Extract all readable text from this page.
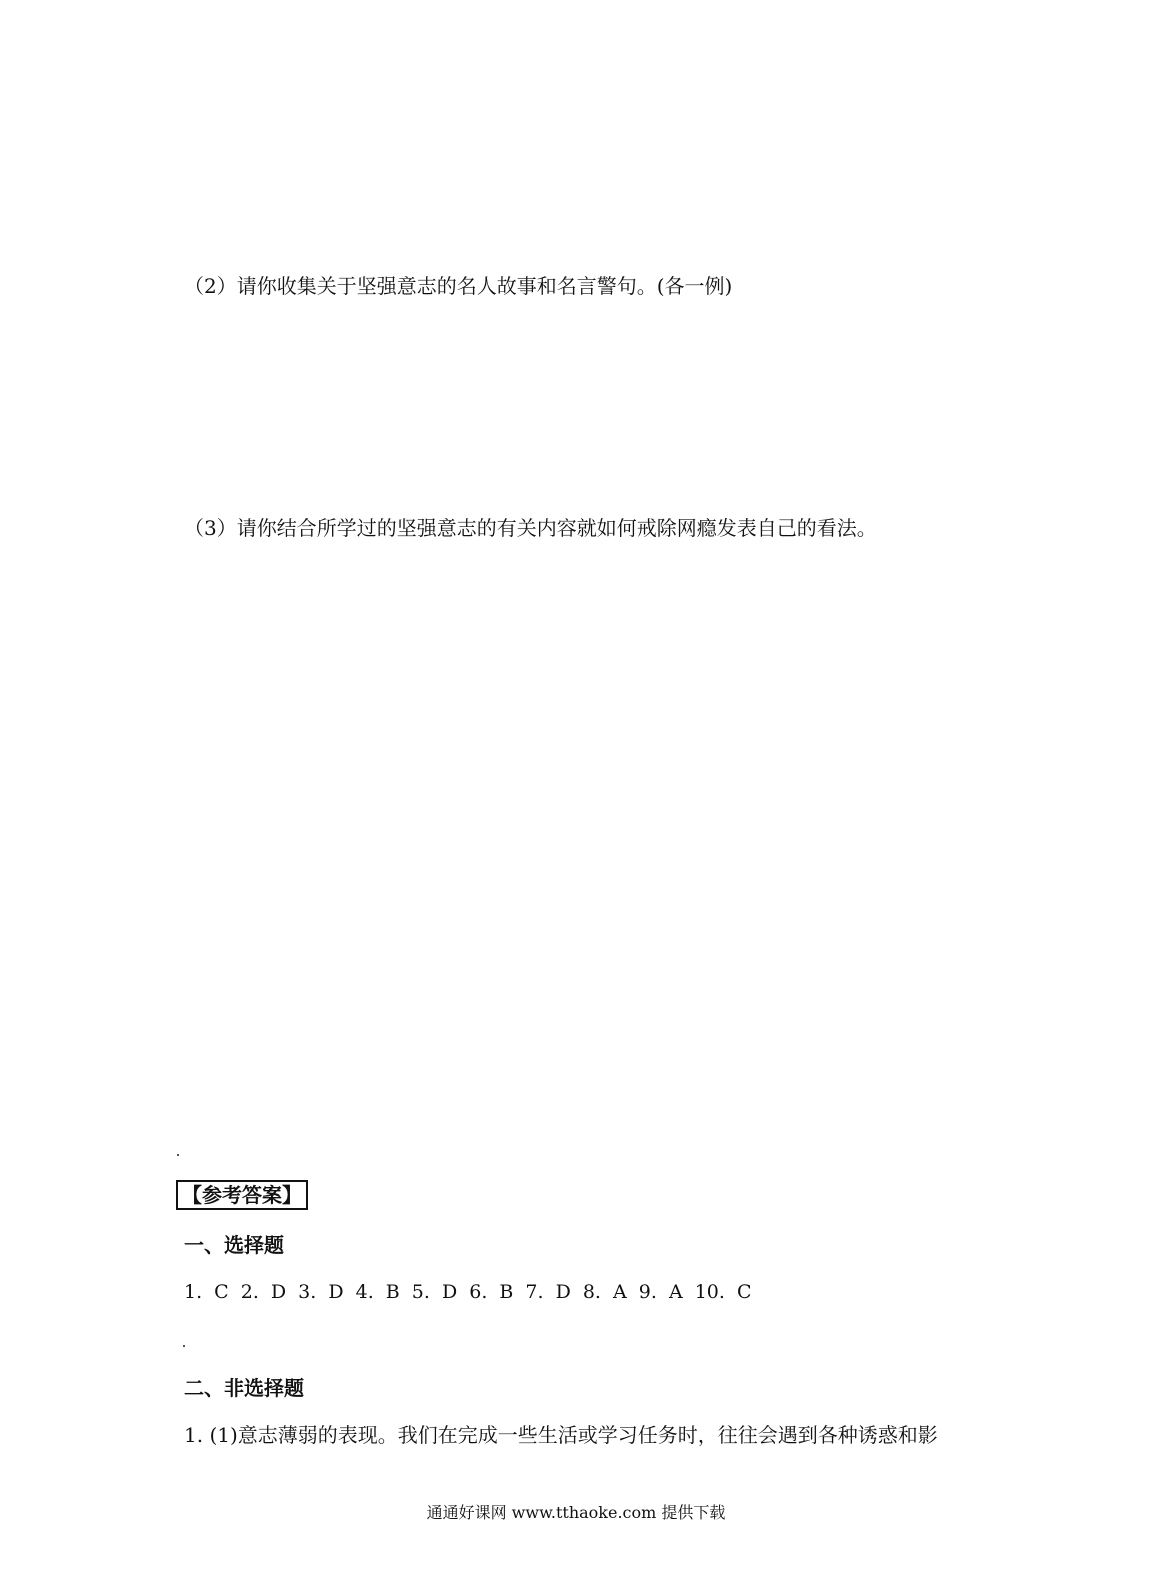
（2）请你收集关于坚强意志的名人故事和名言警句。(各一例)
（3）请你结合所学过的坚强意志的有关内容就如何戒除网瘾发表自己的看法。
【参考答案】
一、选择题
1. C 2. D 3. D 4. B 5. D 6. B 7. D 8. A 9. A 10. C
二、非选择题
1. (1)意志薄弱的表现。我们在完成一些生活或学习任务时，往往会遇到各种诱惑和影
通通好课网 www.tthaoke.com 提供下载
